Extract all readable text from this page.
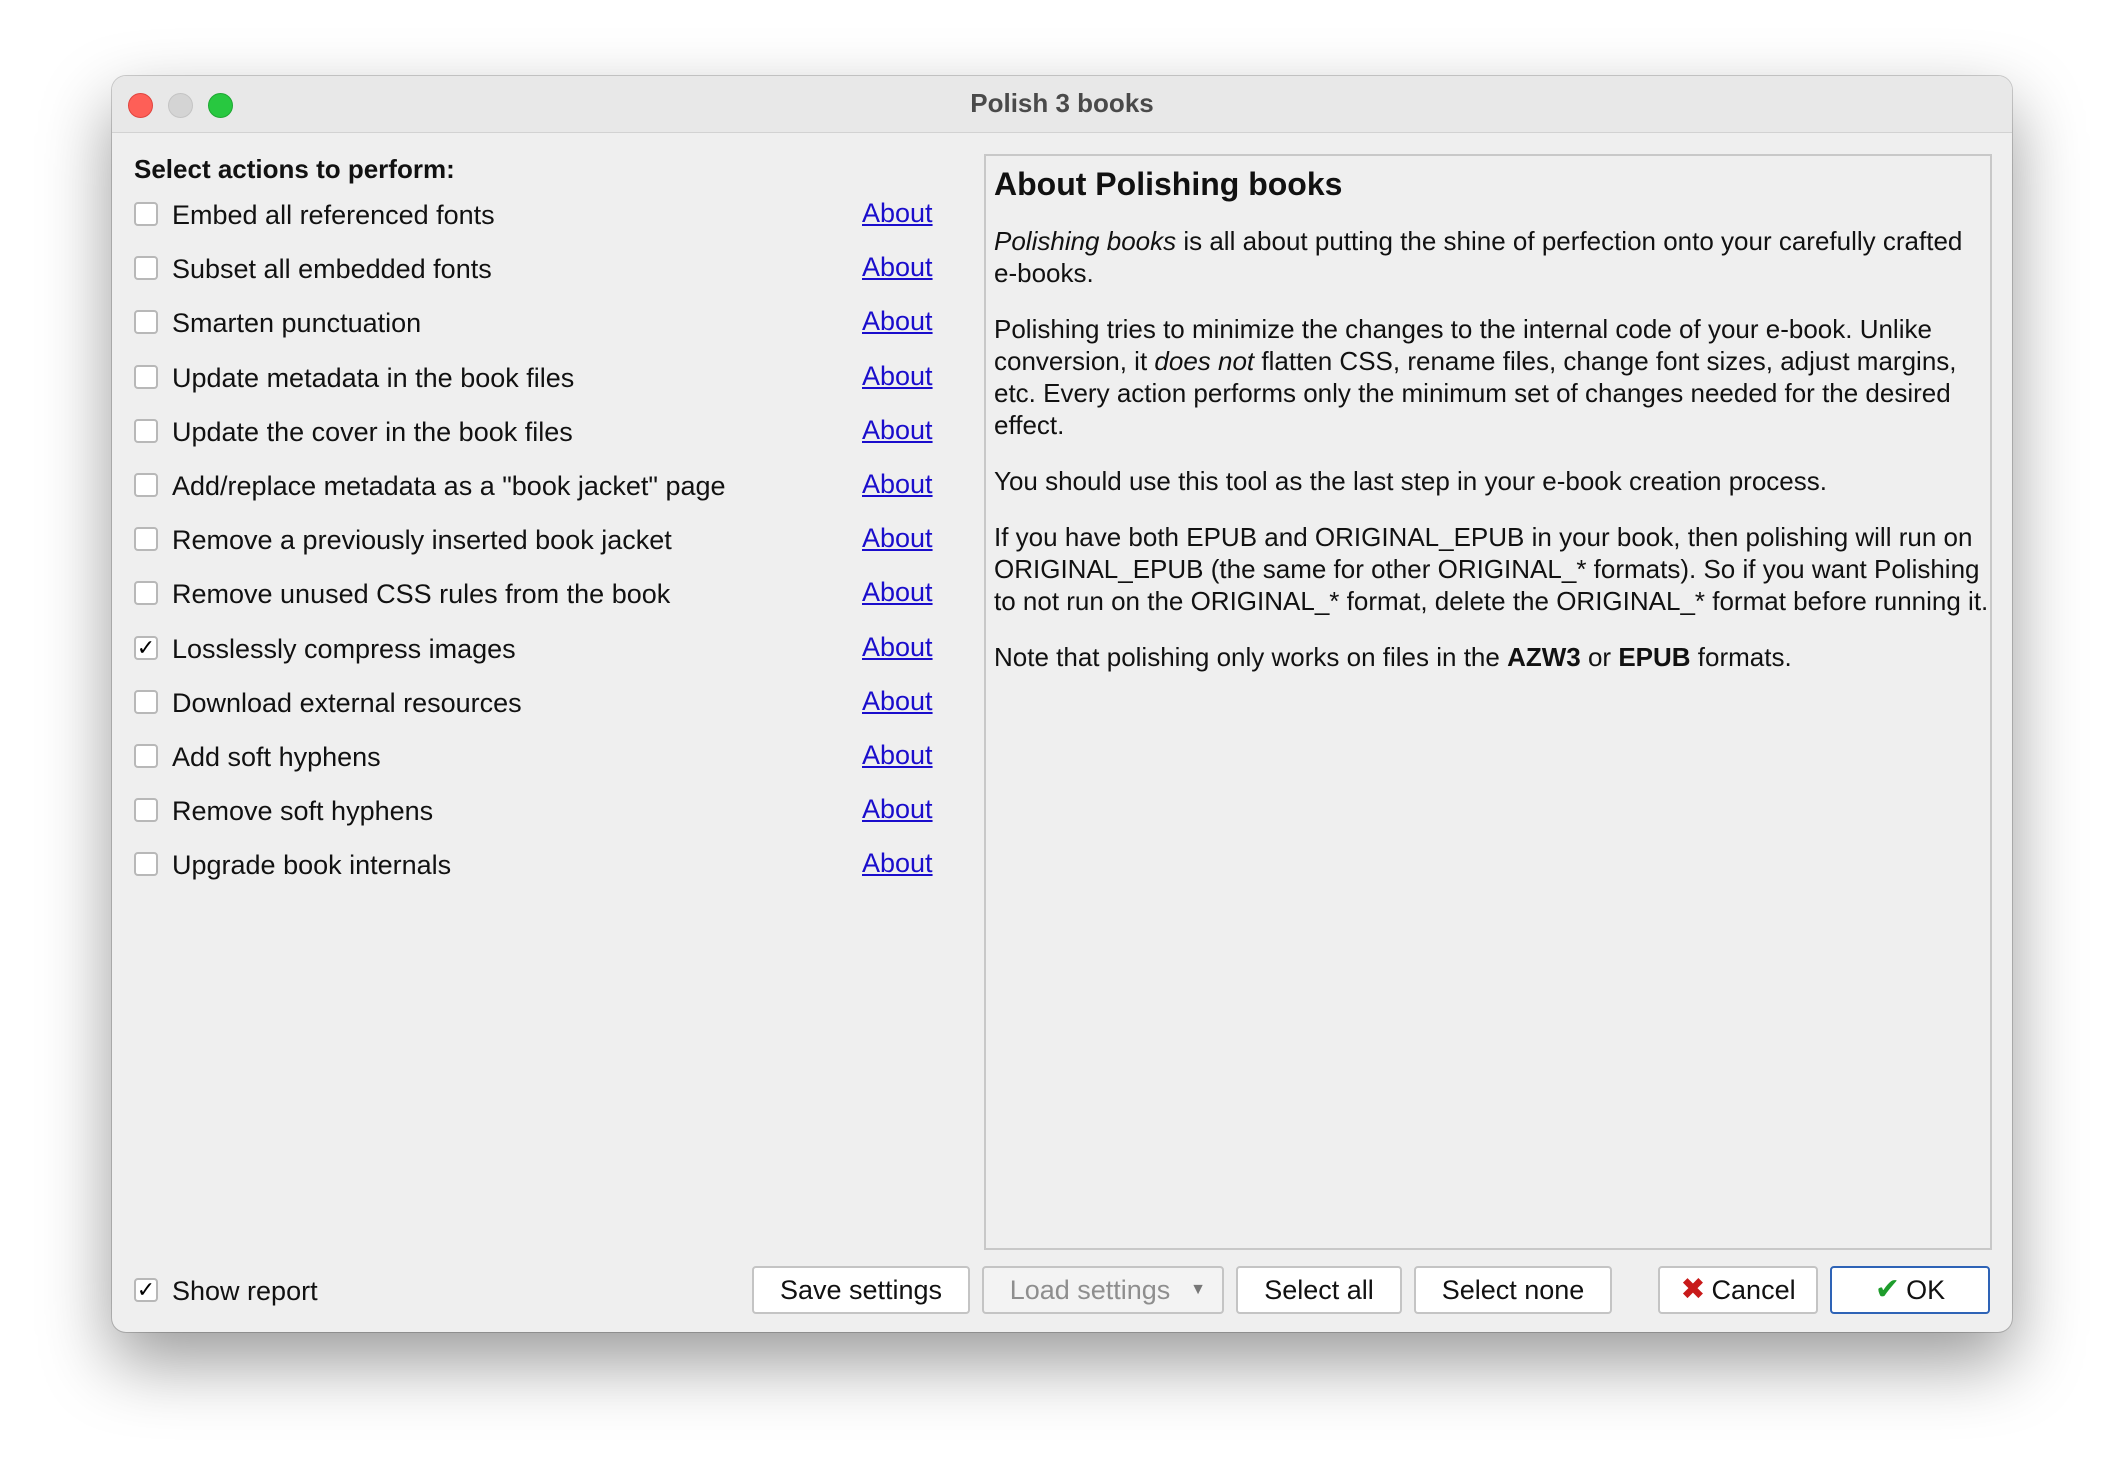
Polish 3 books
Select actions to perform:
Embed all referenced fonts	About
Subset all embedded fonts	About
Smarten punctuation	About
Update metadata in the book files	About
Update the cover in the book files	About
Add/replace metadata as a "book jacket" page	About
Remove a previously inserted book jacket	About
Remove unused CSS rules from the book	About
✓ Losslessly compress images	About
Download external resources	About
Add soft hyphens	About
Remove soft hyphens	About
Upgrade book internals	About
About Polishing books

Polishing books is all about putting the shine of perfection onto your carefully crafted e-books.

Polishing tries to minimize the changes to the internal code of your e-book. Unlike conversion, it does not flatten CSS, rename files, change font sizes, adjust margins, etc. Every action performs only the minimum set of changes needed for the desired effect.

You should use this tool as the last step in your e-book creation process.

If you have both EPUB and ORIGINAL_EPUB in your book, then polishing will run on ORIGINAL_EPUB (the same for other ORIGINAL_* formats). So if you want Polishing to not run on the ORIGINAL_* format, delete the ORIGINAL_* format before running it.

Note that polishing only works on files in the AZW3 or EPUB formats.

✓ Show report	Save settings	Load settings ▼	Select all	Select none	✖ Cancel	✔ OK
